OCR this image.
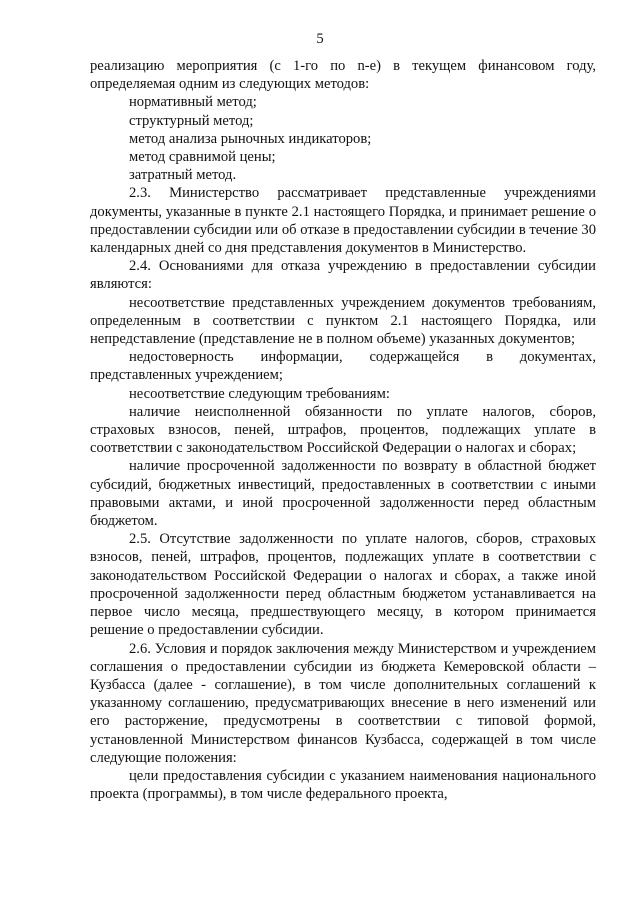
5

реализацию мероприятия (с 1-го по n-е) в текущем финансовом году, определяемая одним из следующих методов:

нормативный метод;

структурный метод;

метод анализа рыночных индикаторов;

метод сравнимой цены;

затратный метод.

2.3. Министерство рассматривает представленные учреждениями документы, указанные в пункте 2.1 настоящего Порядка, и принимает решение о предоставлении субсидии или об отказе в предоставлении субсидии в течение 30 календарных дней со дня представления документов в Министерство.

2.4. Основаниями для отказа учреждению в предоставлении субсидии являются:

несоответствие представленных учреждением документов требованиям, определенным в соответствии с пунктом 2.1 настоящего Порядка, или непредставление (представление не в полном объеме) указанных документов;

недостоверность информации, содержащейся в документах, представленных учреждением;

несоответствие следующим требованиям:

наличие неисполненной обязанности по уплате налогов, сборов, страховых взносов, пеней, штрафов, процентов, подлежащих уплате в соответствии с законодательством Российской Федерации о налогах и сборах;

наличие просроченной задолженности по возврату в областной бюджет субсидий, бюджетных инвестиций, предоставленных в соответствии с иными правовыми актами, и иной просроченной задолженности перед областным бюджетом.

2.5. Отсутствие задолженности по уплате налогов, сборов, страховых взносов, пеней, штрафов, процентов, подлежащих уплате в соответствии с законодательством Российской Федерации о налогах и сборах, а также иной просроченной задолженности перед областным бюджетом устанавливается на первое число месяца, предшествующего месяцу, в котором принимается решение о предоставлении субсидии.

2.6. Условия и порядок заключения между Министерством и учреждением соглашения о предоставлении субсидии из бюджета Кемеровской области – Кузбасса (далее - соглашение), в том числе дополнительных соглашений к указанному соглашению, предусматривающих внесение в него изменений или его расторжение, предусмотрены в соответствии с типовой формой, установленной Министерством финансов Кузбасса, содержащей в том числе следующие положения:

цели предоставления субсидии с указанием наименования национального проекта (программы), в том числе федерального проекта,
